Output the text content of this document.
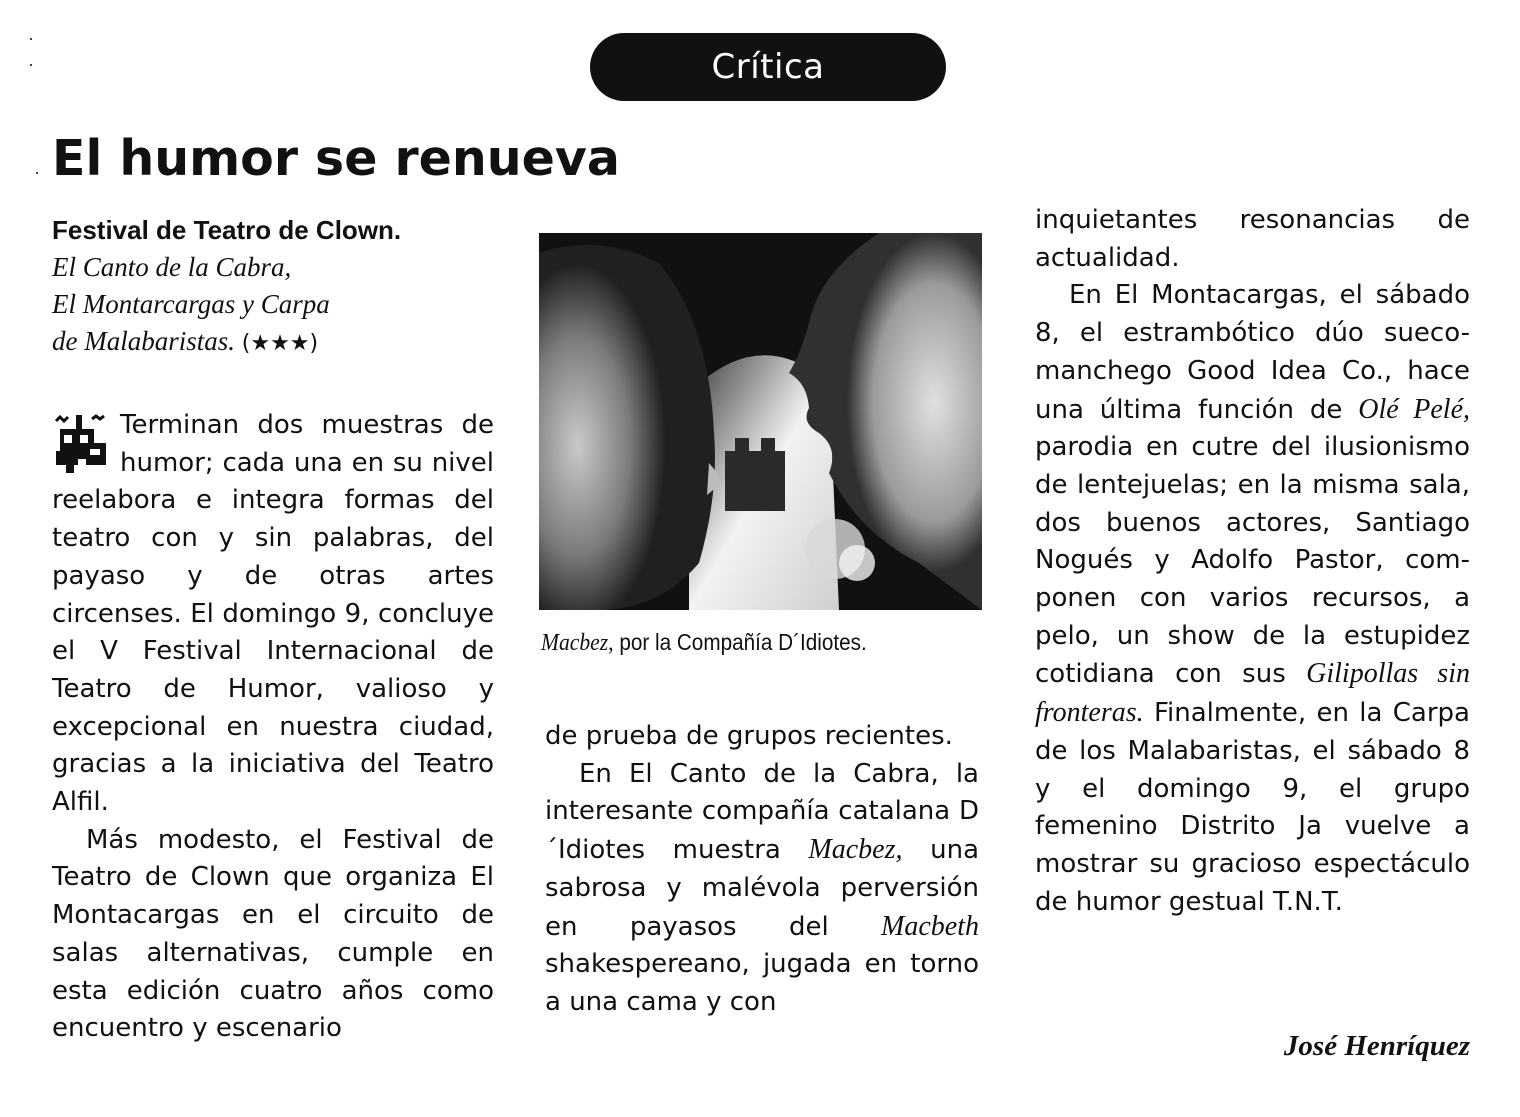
Crítica
El humor se renueva
Festival de Teatro de Clown.
El Canto de la Cabra,
El Montarcargas y Carpa
de Malabaristas. (★★★)

Terminan dos muestras de humor; cada una en su nivel reelabora e integra formas del teatro con y sin palabras, del payaso y de otras artes circenses. El domingo 9, concluye el V Festival Internacional de Teatro de Humor, valioso y excepcional en nuestra ciudad, gracias a la iniciativa del Teatro Alfil.

Más modesto, el Festival de Teatro de Clown que organiza El Montacargas en el circuito de salas alternativas, cumple en esta edición cuatro años como encuentro y escenario

Macbez, por la Compañía D´Idiotes.

de prueba de grupos recientes.

En El Canto de la Cabra, la interesante compañía catalana D´Idiotes muestra Macbez, una sabrosa y malévola perversión en payasos del Macbeth shakespereano, jugada en torno a una cama y con

inquietantes resonancias de actualidad.

En El Montacargas, el sábado 8, el estrambótico dúo sueco-manchego Good Idea Co., hace una última función de Olé Pelé, parodia en cutre del ilusionismo de lentejuelas; en la misma sala, dos buenos actores, Santiago Nogués y Adolfo Pastor, componen con varios recursos, a pelo, un show de la estupidez cotidiana con sus Gilipollas sin fronteras. Finalmente, en la Carpa de los Malabaristas, el sábado 8 y el domingo 9, el grupo femenino Distrito Ja vuelve a mostrar su gracioso espectáculo de humor gestual T.N.T.

José Henríquez
